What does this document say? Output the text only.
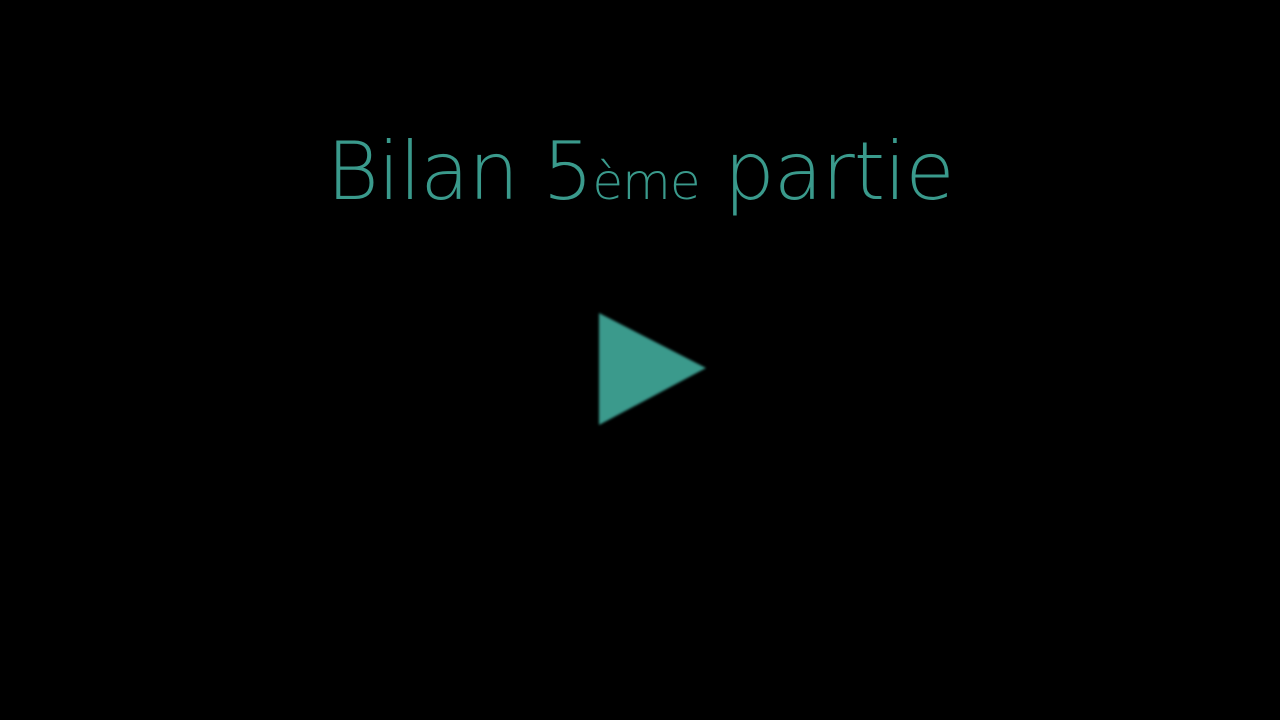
Bilan 5ème partie
